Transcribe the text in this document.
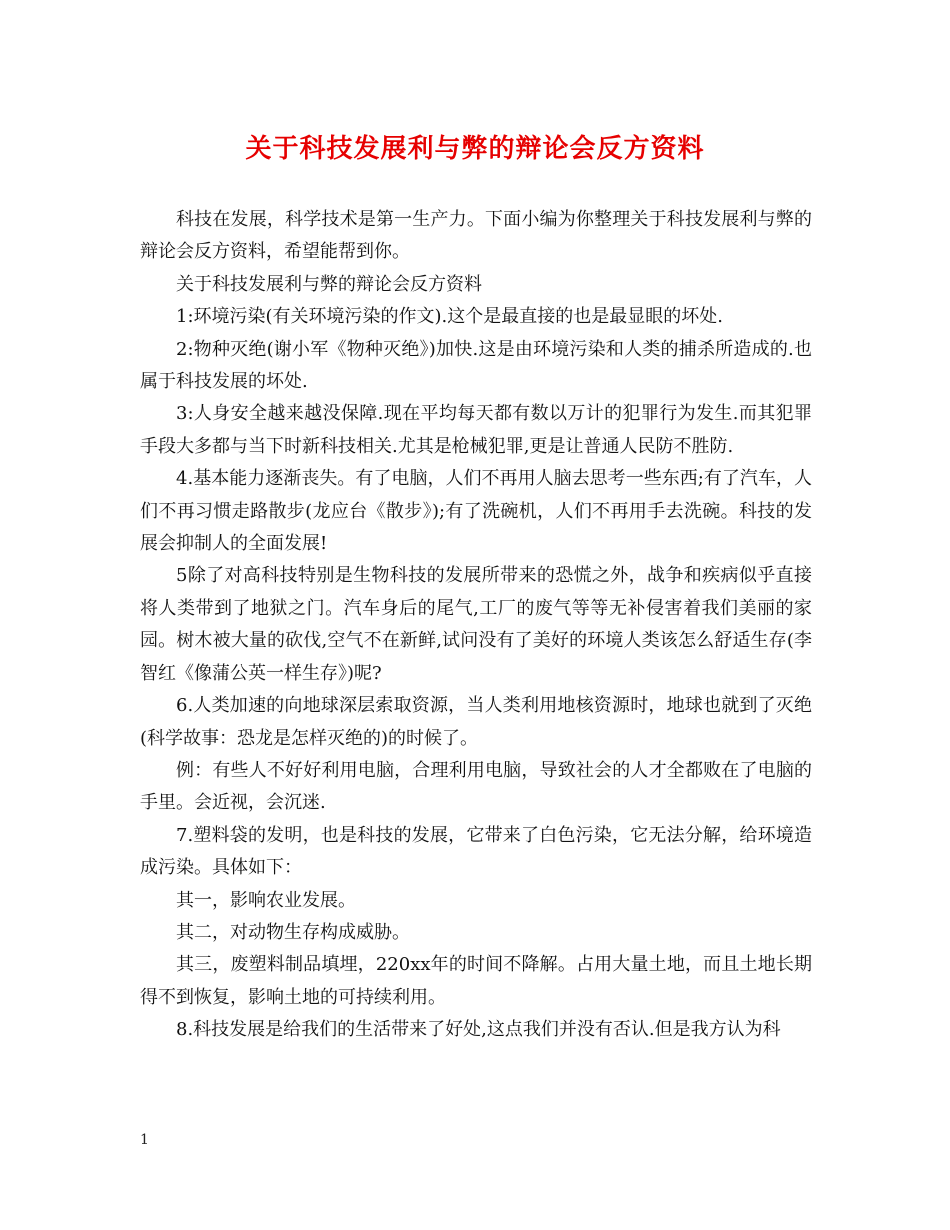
关于科技发展利与弊的辩论会反方资料

科技在发展，科学技术是第一生产力。下面小编为你整理关于科技发展利与弊的辩论会反方资料，希望能帮到你。

关于科技发展利与弊的辩论会反方资料

1:环境污染(有关环境污染的作文).这个是最直接的也是最显眼的坏处.

2:物种灭绝(谢小军《物种灭绝》)加快.这是由环境污染和人类的捕杀所造成的.也属于科技发展的坏处.

3:人身安全越来越没保障.现在平均每天都有数以万计的犯罪行为发生.而其犯罪手段大多都与当下时新科技相关.尤其是枪械犯罪,更是让普通人民防不胜防.

4.基本能力逐渐丧失。有了电脑，人们不再用人脑去思考一些东西;有了汽车，人们不再习惯走路散步(龙应台《散步》);有了洗碗机，人们不再用手去洗碗。科技的发展会抑制人的全面发展!

5除了对高科技特别是生物科技的发展所带来的恐慌之外，战争和疾病似乎直接将人类带到了地狱之门。汽车身后的尾气,工厂的废气等等无补侵害着我们美丽的家园。树木被大量的砍伐,空气不在新鲜,试问没有了美好的环境人类该怎么舒适生存(李智红《像蒲公英一样生存》)呢?

6.人类加速的向地球深层索取资源，当人类利用地核资源时，地球也就到了灭绝(科学故事：恐龙是怎样灭绝的)的时候了。

例：有些人不好好利用电脑，合理利用电脑，导致社会的人才全都败在了电脑的手里。会近视，会沉迷.

7.塑料袋的发明，也是科技的发展，它带来了白色污染，它无法分解，给环境造成污染。具体如下：

其一，影响农业发展。

其二，对动物生存构成威胁。

其三，废塑料制品填埋，220xx年的时间不降解。占用大量土地，而且土地长期得不到恢复，影响土地的可持续利用。

8.科技发展是给我们的生活带来了好处,这点我们并没有否认.但是我方认为科

1
